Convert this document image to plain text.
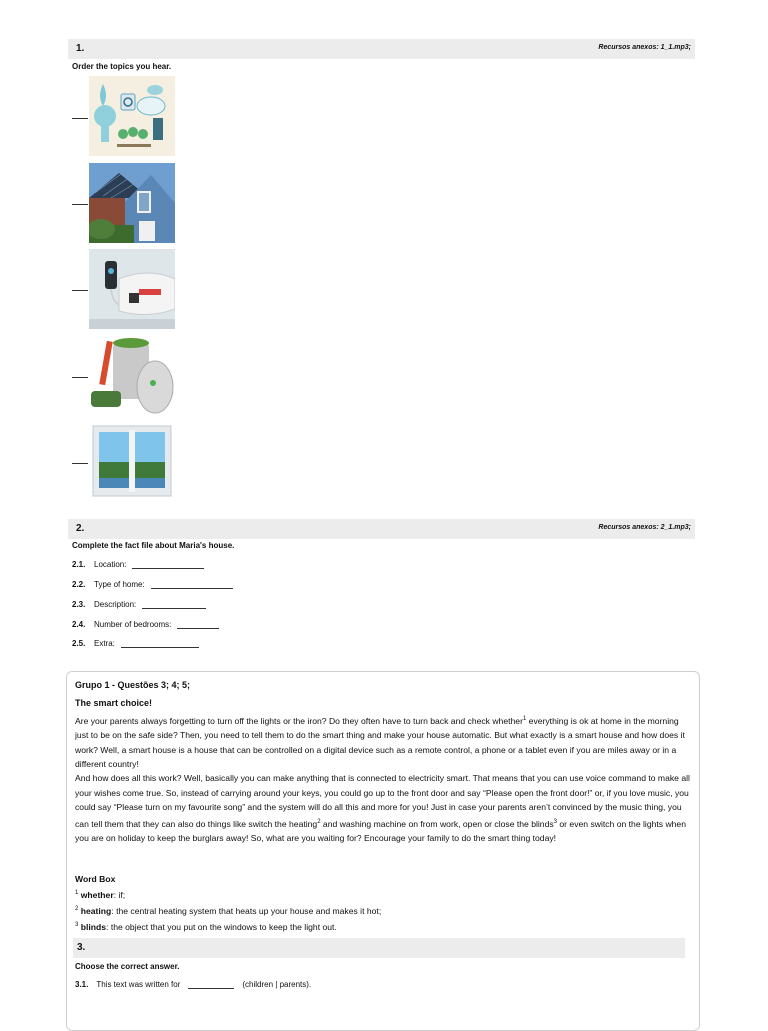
1.	Recursos anexos: 1_1.mp3;
Order the topics you hear.
2.	Recursos anexos: 2_1.mp3;
Complete the fact file about Maria's house.
2.1.	Location:
2.2.	Type of home:
2.3.	Description:
2.4.	Number of bedrooms:
2.5.	Extra:
Grupo 1 - Questões 3; 4; 5;
The smart choice!

Are your parents always forgetting to turn off the lights or the iron? Do they often have to turn back and check whether$^1$ everything is ok at home in the morning just to be on the safe side? Then, you need to tell them to do the smart thing and make your house automatic. But what exactly is a smart house and how does it work? Well, a smart house is a house that can be controlled on a digital device such as a remote control, a phone or a tablet even if you are miles away or in a different country!

And how does all this work? Well, basically you can make anything that is connected to electricity smart. That means that you can use voice command to make all your wishes come true. So, instead of carrying around your keys, you could go up to the front door and say “Please open the front door!” or, if you love music, you could say “Please turn on my favourite song” and the system will do all this and more for you! Just in case your parents aren’t convinced by the music thing, you can tell them that they can also do things like switch the heating$^2$ and washing machine on from work, open or close the blinds$^3$ or even switch on the lights when you are on holiday to keep the burglars away! So, what are you waiting for? Encourage your family to do the smart thing today!

Word Box
$^1$ whether: if;
$^2$ heating: the central heating system that heats up your house and makes it hot;
$^3$ blinds: the object that you put on the windows to keep the light out.
3.
Choose the correct answer.
3.1. This text was written for	(children | parents).
